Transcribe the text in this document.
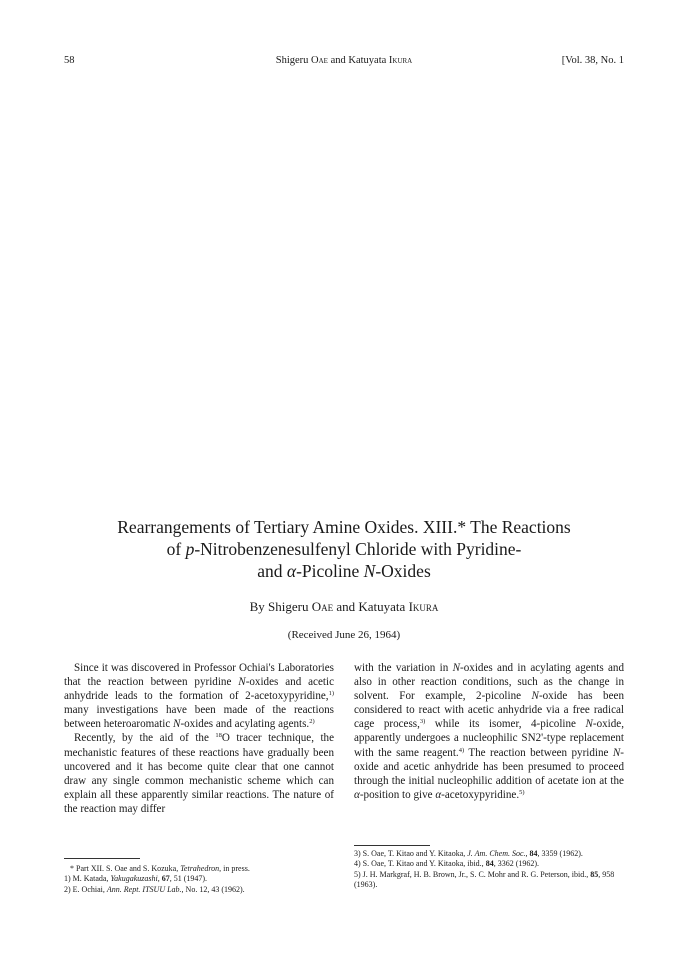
58	Shigeru Oae and Katuyata Ikura	[Vol. 38, No. 1
Rearrangements of Tertiary Amine Oxides. XIII.* The Reactions
of p-Nitrobenzenesulfenyl Chloride with Pyridine-
and α-Picoline N-Oxides
By Shigeru Oae and Katuyata Ikura
(Received June 26, 1964)

Since it was discovered in Professor Ochiai's Laboratories that the reaction between pyridine N-oxides and acetic anhydride leads to the formation of 2-acetoxypyridine,$^{1)}$ many investigations have been made of the reactions between heteroaromatic N-oxides and acylating agents.$^{2)}$

Recently, by the aid of the $^{18}$O tracer technique, the mechanistic features of these reactions have gradually been uncovered and it has become quite clear that one cannot draw any single common mechanistic scheme which can explain all these apparently similar reactions. The nature of the reaction may differ

with the variation in N-oxides and in acylating agents and also in other reaction conditions, such as the change in solvent. For example, 2-picoline N-oxide has been considered to react with acetic anhydride via a free radical cage process,$^{3)}$ while its isomer, 4-picoline N-oxide, apparently undergoes a nucleophilic SN2'-type replacement with the same reagent.$^{4)}$ The reaction between pyridine N-oxide and acetic anhydride has been presumed to proceed through the initial nucleophilic addition of acetate ion at the α-position to give α-acetoxypyridine.$^{5)}$

* Part XII. S. Oae and S. Kozuka, Tetrahedron, in press.
1) M. Katada, Yakugakuzashi, 67, 51 (1947).
2) E. Ochiai, Ann. Rept. ITSUU Lab., No. 12, 43 (1962).
3) S. Oae, T. Kitao and Y. Kitaoka, J. Am. Chem. Soc., 84, 3359 (1962).
4) S. Oae, T. Kitao and Y. Kitaoka, ibid., 84, 3362 (1962).
5) J. H. Markgraf, H. B. Brown, Jr., S. C. Mohr and R. G. Peterson, ibid., 85, 958 (1963).
